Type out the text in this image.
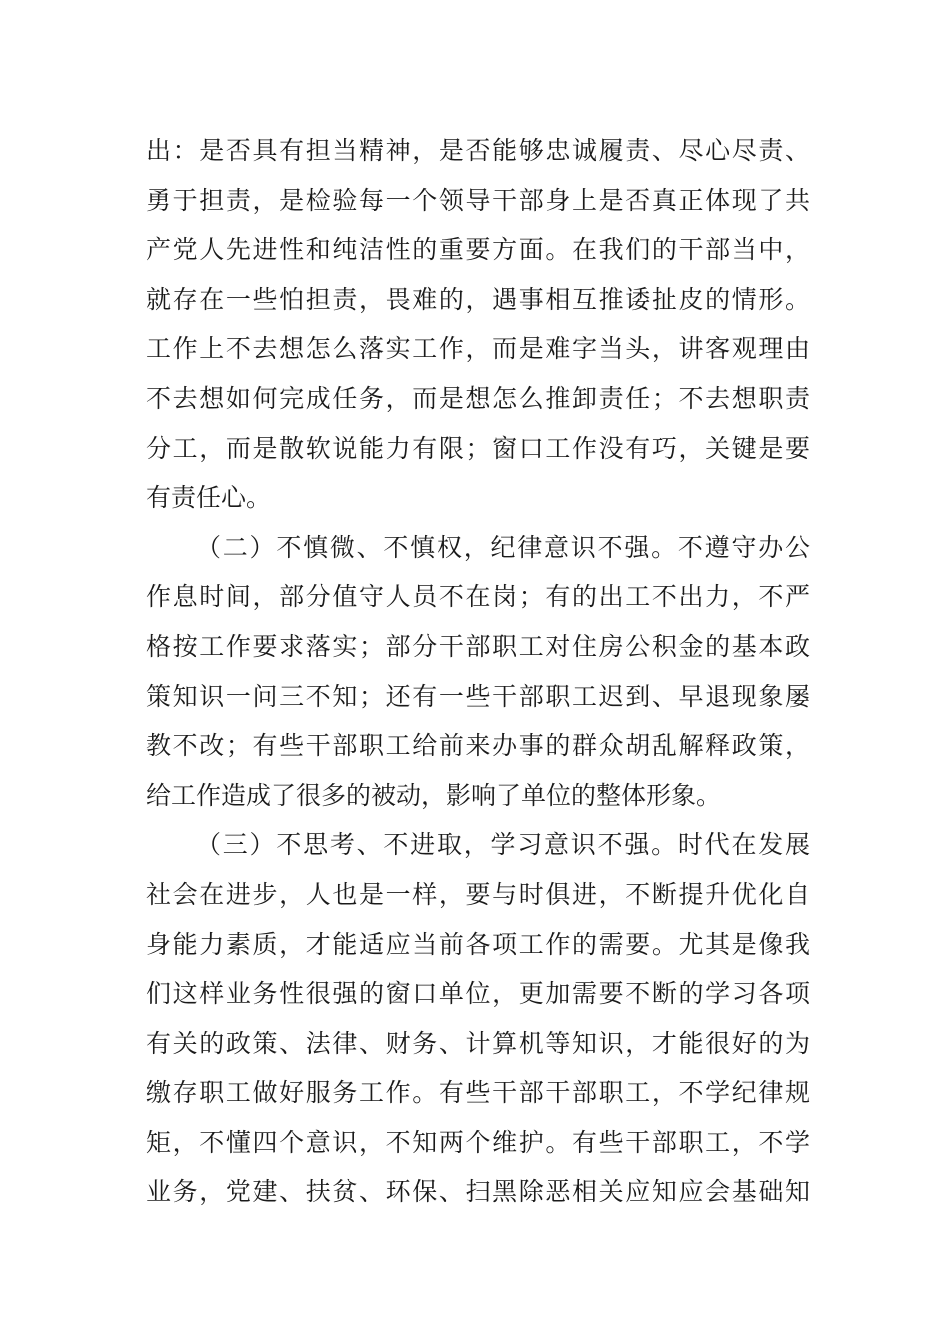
出：是否具有担当精神，是否能够忠诚履责、尽心尽责、
勇于担责，是检验每一个领导干部身上是否真正体现了共
产党人先进性和纯洁性的重要方面。在我们的干部当中，
就存在一些怕担责，畏难的，遇事相互推诿扯皮的情形。
工作上不去想怎么落实工作，而是难字当头，讲客观理由
不去想如何完成任务，而是想怎么推卸责任；不去想职责
分工，而是散软说能力有限；窗口工作没有巧，关键是要
有责任心。
（二）不慎微、不慎权，纪律意识不强。不遵守办公
作息时间，部分值守人员不在岗；有的出工不出力，不严
格按工作要求落实；部分干部职工对住房公积金的基本政
策知识一问三不知；还有一些干部职工迟到、早退现象屡
教不改；有些干部职工给前来办事的群众胡乱解释政策，
给工作造成了很多的被动，影响了单位的整体形象。
（三）不思考、不进取，学习意识不强。时代在发展
社会在进步，人也是一样，要与时俱进，不断提升优化自
身能力素质，才能适应当前各项工作的需要。尤其是像我
们这样业务性很强的窗口单位，更加需要不断的学习各项
有关的政策、法律、财务、计算机等知识，才能很好的为
缴存职工做好服务工作。有些干部干部职工，不学纪律规
矩，不懂四个意识，不知两个维护。有些干部职工，不学
业务，党建、扶贫、环保、扫黑除恶相关应知应会基础知
